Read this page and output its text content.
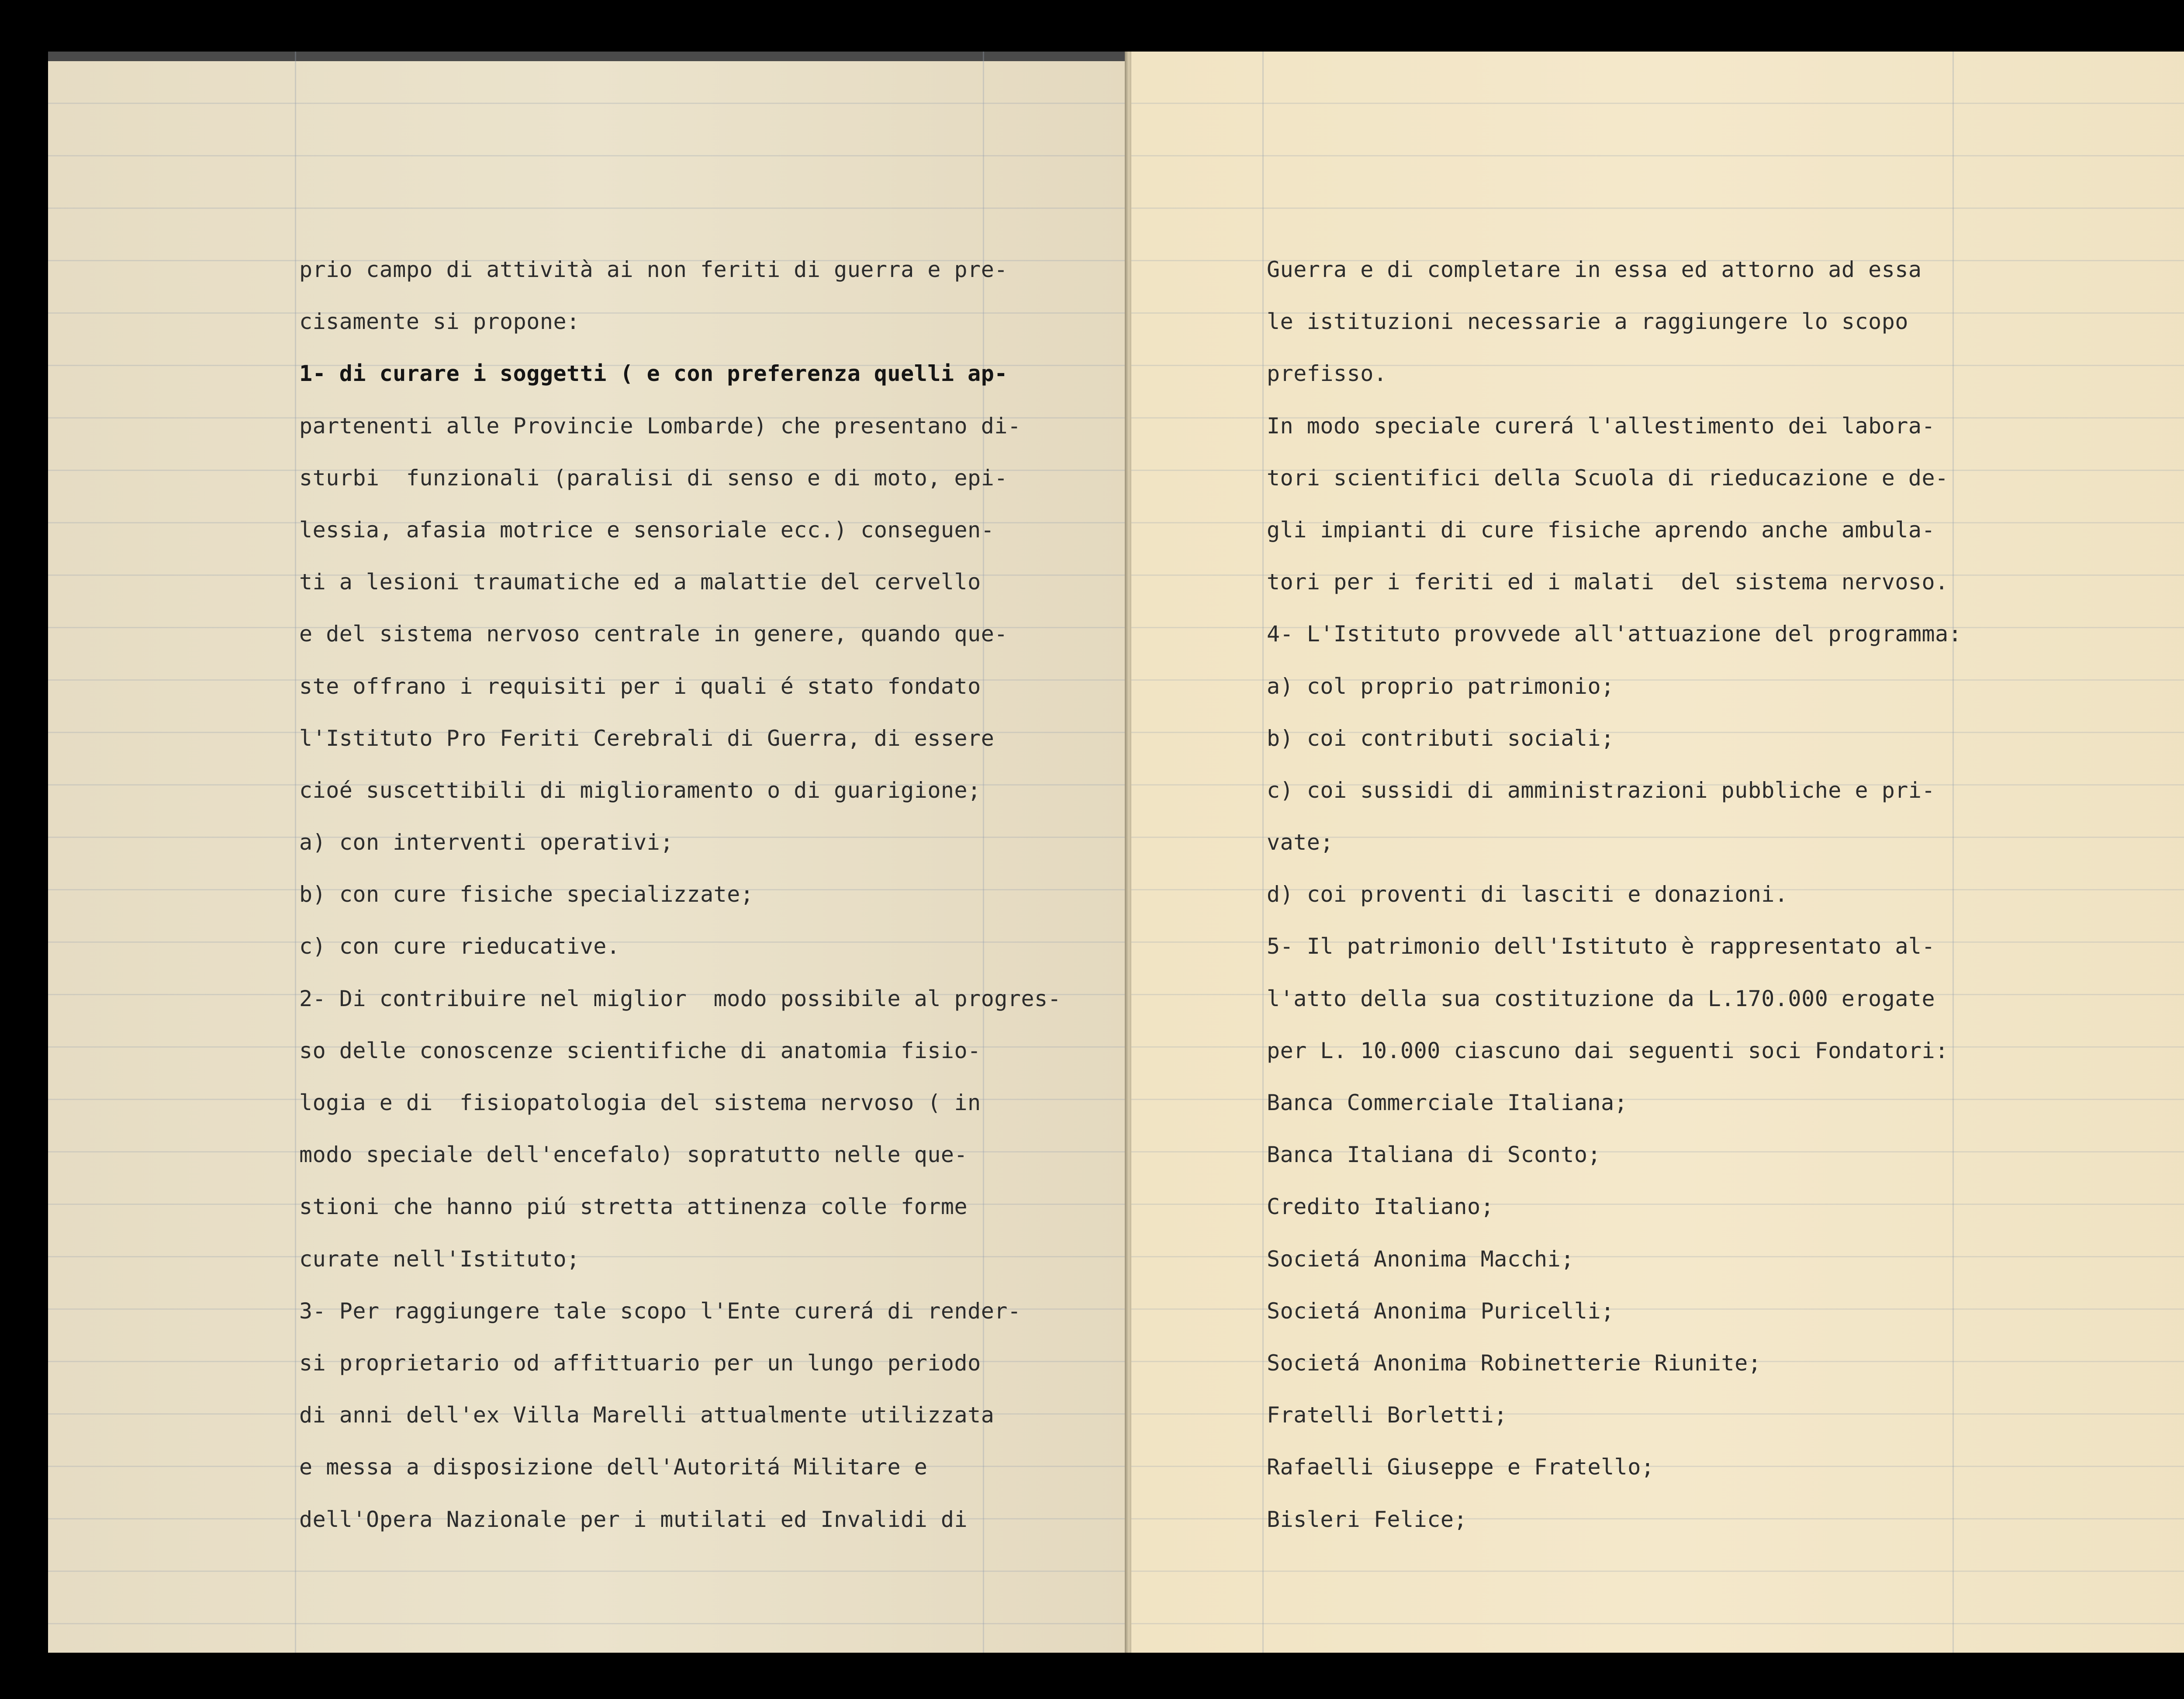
prio campo di attività ai non feriti di guerra e pre-
cisamente si propone:
1- di curare i soggetti ( e con preferenza quelli ap-
partenenti alle Provincie Lombarde) che presentano di-
sturbi  funzionali (paralisi di senso e di moto, epi-
lessia, afasia motrice e sensoriale ecc.) conseguen-
ti a lesioni traumatiche ed a malattie del cervello
e del sistema nervoso centrale in genere, quando que-
ste offrano i requisiti per i quali é stato fondato
l'Istituto Pro Feriti Cerebrali di Guerra, di essere
cioé suscettibili di miglioramento o di guarigione;
a) con interventi operativi;
b) con cure fisiche specializzate;
c) con cure rieducative.
2- Di contribuire nel miglior  modo possibile al progres-
so delle conoscenze scientifiche di anatomia fisio-
logia e di  fisiopatologia del sistema nervoso ( in
modo speciale dell'encefalo) sopratutto nelle que-
stioni che hanno piú stretta attinenza colle forme
curate nell'Istituto;
3- Per raggiungere tale scopo l'Ente curerá di render-
si proprietario od affittuario per un lungo periodo
di anni dell'ex Villa Marelli attualmente utilizzata
e messa a disposizione dell'Autoritá Militare e
dell'Opera Nazionale per i mutilati ed Invalidi di
Guerra e di completare in essa ed attorno ad essa
le istituzioni necessarie a raggiungere lo scopo
prefisso.
In modo speciale curerá l'allestimento dei labora-
tori scientifici della Scuola di rieducazione e de-
gli impianti di cure fisiche aprendo anche ambula-
tori per i feriti ed i malati  del sistema nervoso.
4- L'Istituto provvede all'attuazione del programma:
a) col proprio patrimonio;
b) coi contributi sociali;
c) coi sussidi di amministrazioni pubbliche e pri-
vate;
d) coi proventi di lasciti e donazioni.
5- Il patrimonio dell'Istituto è rappresentato al-
l'atto della sua costituzione da L.170.000 erogate
per L. 10.000 ciascuno dai seguenti soci Fondatori:
Banca Commerciale Italiana;
Banca Italiana di Sconto;
Credito Italiano;
Societá Anonima Macchi;
Societá Anonima Puricelli;
Societá Anonima Robinetterie Riunite;
Fratelli Borletti;
Rafaelli Giuseppe e Fratello;
Bisleri Felice;
